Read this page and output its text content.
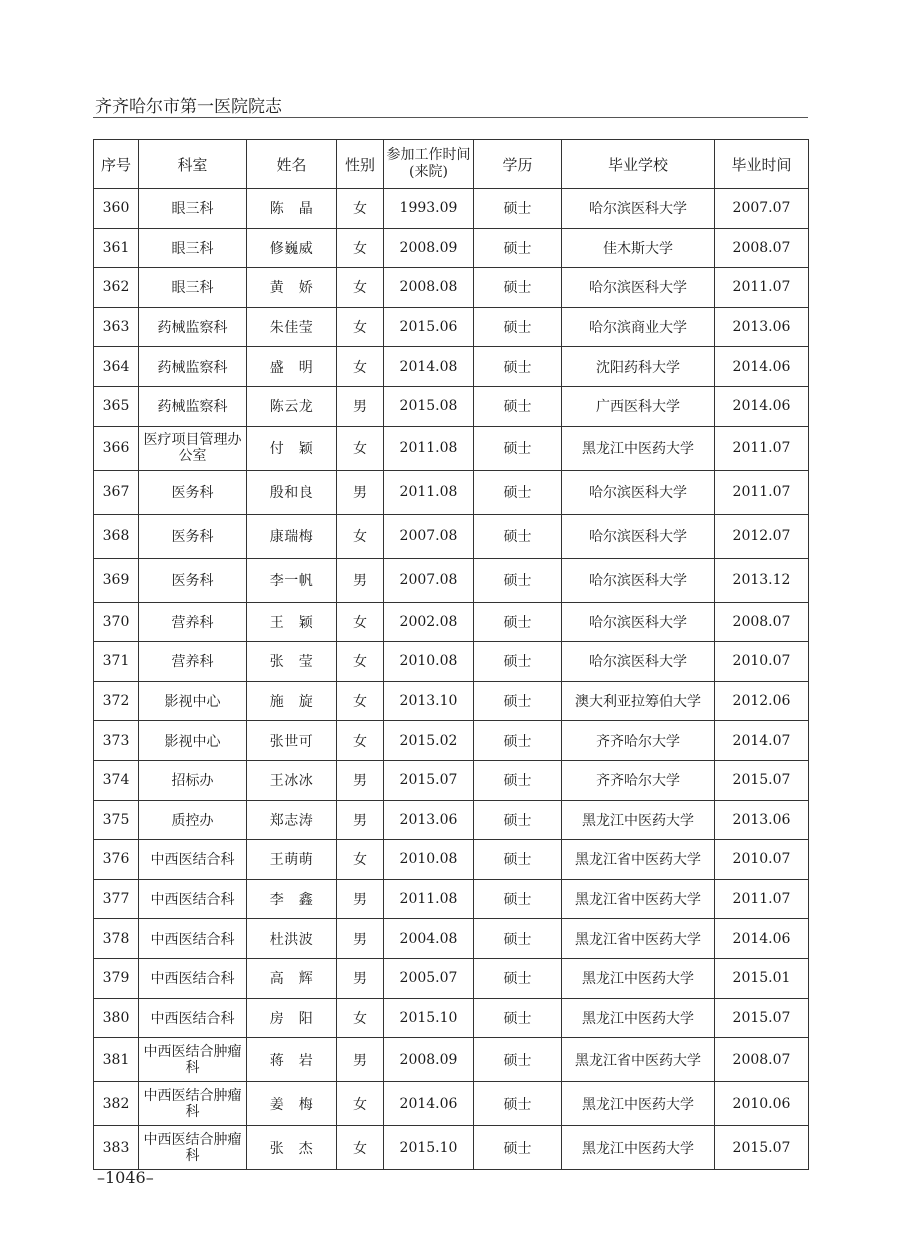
齐齐哈尔市第一医院院志
序号	科室	姓名	性别	参加工作时间(来院)	学历	毕业学校	毕业时间
360	眼三科	陈　晶	女	1993.09	硕士	哈尔滨医科大学	2007.07
361	眼三科	修巍威	女	2008.09	硕士	佳木斯大学	2008.07
362	眼三科	黄　娇	女	2008.08	硕士	哈尔滨医科大学	2011.07
363	药械监察科	朱佳莹	女	2015.06	硕士	哈尔滨商业大学	2013.06
364	药械监察科	盛　明	女	2014.08	硕士	沈阳药科大学	2014.06
365	药械监察科	陈云龙	男	2015.08	硕士	广西医科大学	2014.06
366	医疗项目管理办公室	付　颖	女	2011.08	硕士	黑龙江中医药大学	2011.07
367	医务科	殷和良	男	2011.08	硕士	哈尔滨医科大学	2011.07
368	医务科	康瑞梅	女	2007.08	硕士	哈尔滨医科大学	2012.07
369	医务科	李一帆	男	2007.08	硕士	哈尔滨医科大学	2013.12
370	营养科	王　颖	女	2002.08	硕士	哈尔滨医科大学	2008.07
371	营养科	张　莹	女	2010.08	硕士	哈尔滨医科大学	2010.07
372	影视中心	施　旋	女	2013.10	硕士	澳大利亚拉筹伯大学	2012.06
373	影视中心	张世可	女	2015.02	硕士	齐齐哈尔大学	2014.07
374	招标办	王冰冰	男	2015.07	硕士	齐齐哈尔大学	2015.07
375	质控办	郑志涛	男	2013.06	硕士	黑龙江中医药大学	2013.06
376	中西医结合科	王萌萌	女	2010.08	硕士	黑龙江省中医药大学	2010.07
377	中西医结合科	李　鑫	男	2011.08	硕士	黑龙江省中医药大学	2011.07
378	中西医结合科	杜洪波	男	2004.08	硕士	黑龙江省中医药大学	2014.06
379	中西医结合科	高　辉	男	2005.07	硕士	黑龙江中医药大学	2015.01
380	中西医结合科	房　阳	女	2015.10	硕士	黑龙江中医药大学	2015.07
381	中西医结合肿瘤科	蒋　岩	男	2008.09	硕士	黑龙江省中医药大学	2008.07
382	中西医结合肿瘤科	姜　梅	女	2014.06	硕士	黑龙江中医药大学	2010.06
383	中西医结合肿瘤科	张　杰	女	2015.10	硕士	黑龙江中医药大学	2015.07
–1046–
